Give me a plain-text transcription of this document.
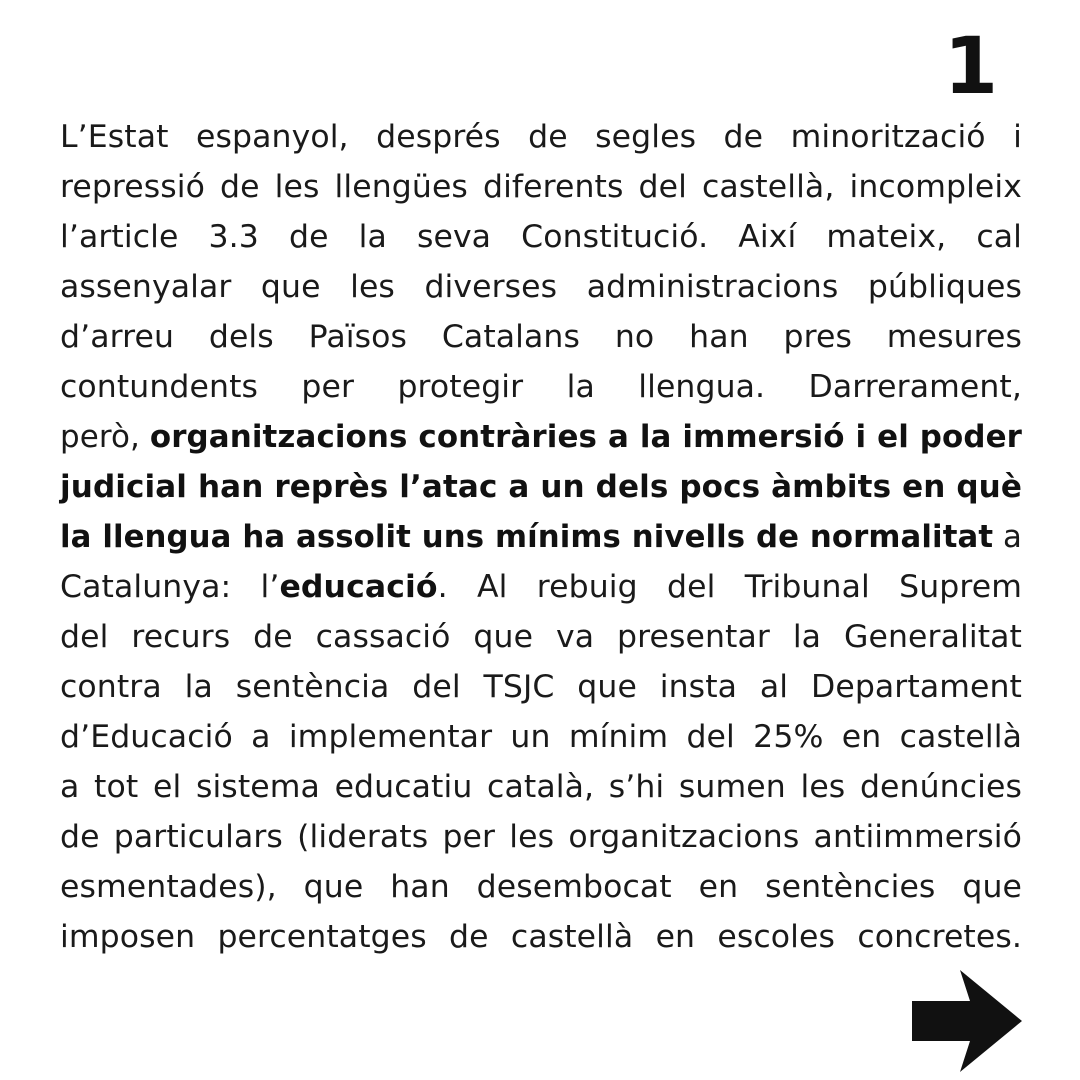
1
L’Estat espanyol, després de segles de minorització i
repressió de les llengües diferents del castellà, incompleix
l’article 3.3 de la seva Constitució. Així mateix, cal
assenyalar que les diverses administracions públiques
d’arreu dels Països Catalans no han pres mesures
contundents per protegir la llengua. Darrerament,
però, organitzacions contràries a la immersió i el poder
judicial han reprès l’atac a un dels pocs àmbits en què
la llengua ha assolit uns mínims nivells de normalitat a
Catalunya: l’educació. Al rebuig del Tribunal Suprem
del recurs de cassació que va presentar la Generalitat
contra la sentència del TSJC que insta al Departament
d’Educació a implementar un mínim del 25% en castellà
a tot el sistema educatiu català, s’hi sumen les denúncies
de particulars (liderats per les organitzacions antiimmersió
esmentades), que han desembocat en sentències que
imposen percentatges de castellà en escoles concretes.
